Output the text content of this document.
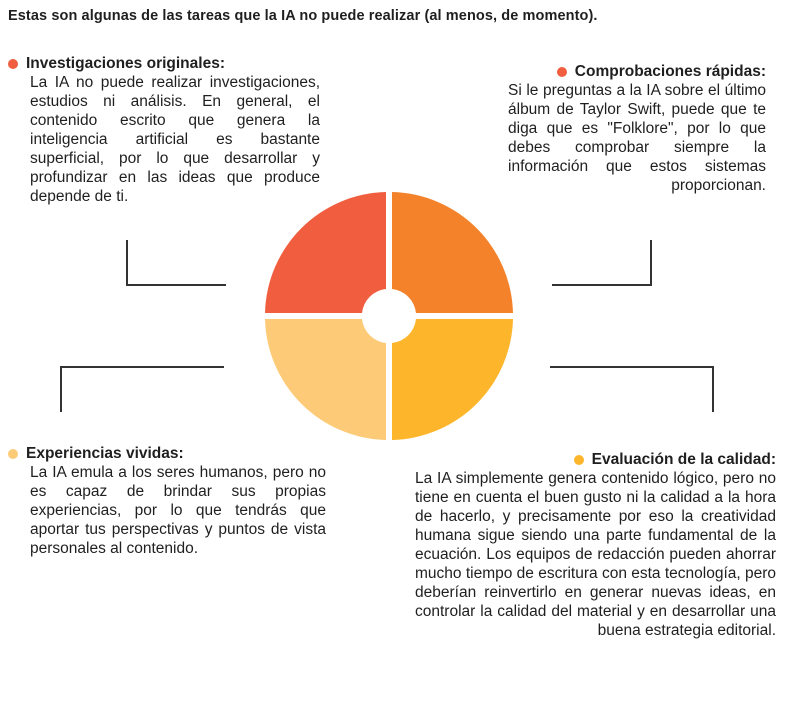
Estas son algunas de las tareas que la IA no puede realizar (al menos, de momento).
Investigaciones originales:
La IA no puede realizar investigaciones, estudios ni análisis. En general, el contenido escrito que genera la inteligencia artificial es bastante superficial, por lo que desarrollar y profundizar en las ideas que produce depende de ti.
Comprobaciones rápidas:
Si le preguntas a la IA sobre el último álbum de Taylor Swift, puede que te diga que es "Folklore", por lo que debes comprobar siempre la información que estos sistemas proporcionan.
Experiencias vividas:
La IA emula a los seres humanos, pero no es capaz de brindar sus propias experiencias, por lo que tendrás que aportar tus perspectivas y puntos de vista personales al contenido.
Evaluación de la calidad:
La IA simplemente genera contenido lógico, pero no tiene en cuenta el buen gusto ni la calidad a la hora de hacerlo, y precisamente por eso la creatividad humana sigue siendo una parte fundamental de la ecuación. Los equipos de redacción pueden ahorrar mucho tiempo de escritura con esta tecnología, pero deberían reinvertirlo en generar nuevas ideas, en controlar la calidad del material y en desarrollar una buena estrategia editorial.
